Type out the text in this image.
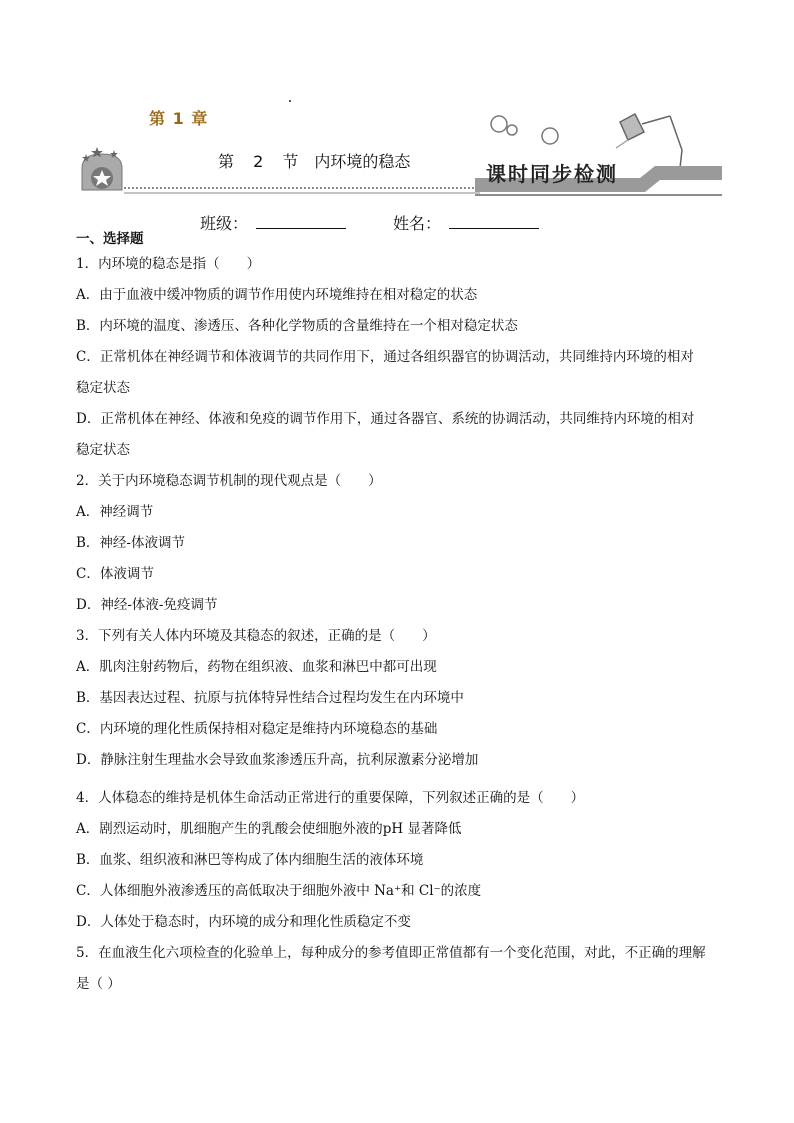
第 1 章
课时同步检测
第 2 节　内环境的稳态
班级：	姓名：
一、选择题
1．内环境的稳态是指（　　）
A．由于血液中缓冲物质的调节作用使内环境维持在相对稳定的状态
B．内环境的温度、渗透压、各种化学物质的含量维持在一个相对稳定状态
C．正常机体在神经调节和体液调节的共同作用下，通过各组织器官的协调活动，共同维持内环境的相对
稳定状态
D．正常机体在神经、体液和免疫的调节作用下，通过各器官、系统的协调活动，共同维持内环境的相对
稳定状态
2．关于内环境稳态调节机制的现代观点是（　　）
A．神经调节
B．神经-体液调节
C．体液调节
D．神经-体液-免疫调节
3．下列有关人体内环境及其稳态的叙述，正确的是（　　）
A．肌肉注射药物后，药物在组织液、血浆和淋巴中都可出现
B．基因表达过程、抗原与抗体特异性结合过程均发生在内环境中
C．内环境的理化性质保持相对稳定是维持内环境稳态的基础
D．静脉注射生理盐水会导致血浆渗透压升高，抗利尿激素分泌增加
4．人体稳态的维持是机体生命活动正常进行的重要保障，下列叙述正确的是（　　）
A．剧烈运动时，肌细胞产生的乳酸会使细胞外液的pH 显著降低
B．血浆、组织液和淋巴等构成了体内细胞生活的液体环境
C．人体细胞外液渗透压的高低取决于细胞外液中 Na⁺和 Cl⁻的浓度
D．人体处于稳态时，内环境的成分和理化性质稳定不变
5．在血液生化六项检查的化验单上，每种成分的参考值即正常值都有一个变化范围，对此，不正确的理解
是（ ）
